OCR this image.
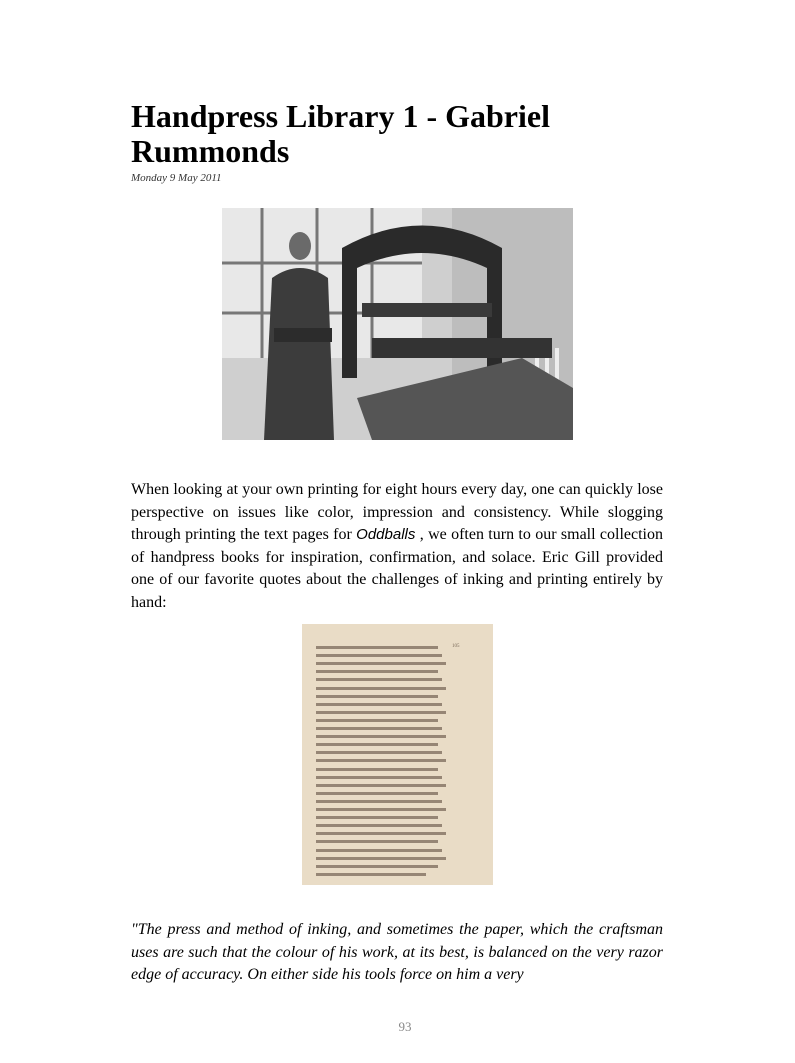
Handpress Library 1 - Gabriel Rummonds
Monday 9 May 2011
When looking at your own printing for eight hours every day, one can quickly lose perspective on issues like color, impression and consistency. While slogging through printing the text pages for Oddballs , we often turn to our small collection of handpress books for inspiration, confirmation, and solace. Eric Gill provided one of our favorite quotes about the challenges of inking and printing entirely by hand:
105
"The press and method of inking, and sometimes the paper, which the craftsman uses are such that the colour of his work, at its best, is balanced on the very razor edge of accuracy. On either side his tools force on him a very
93
